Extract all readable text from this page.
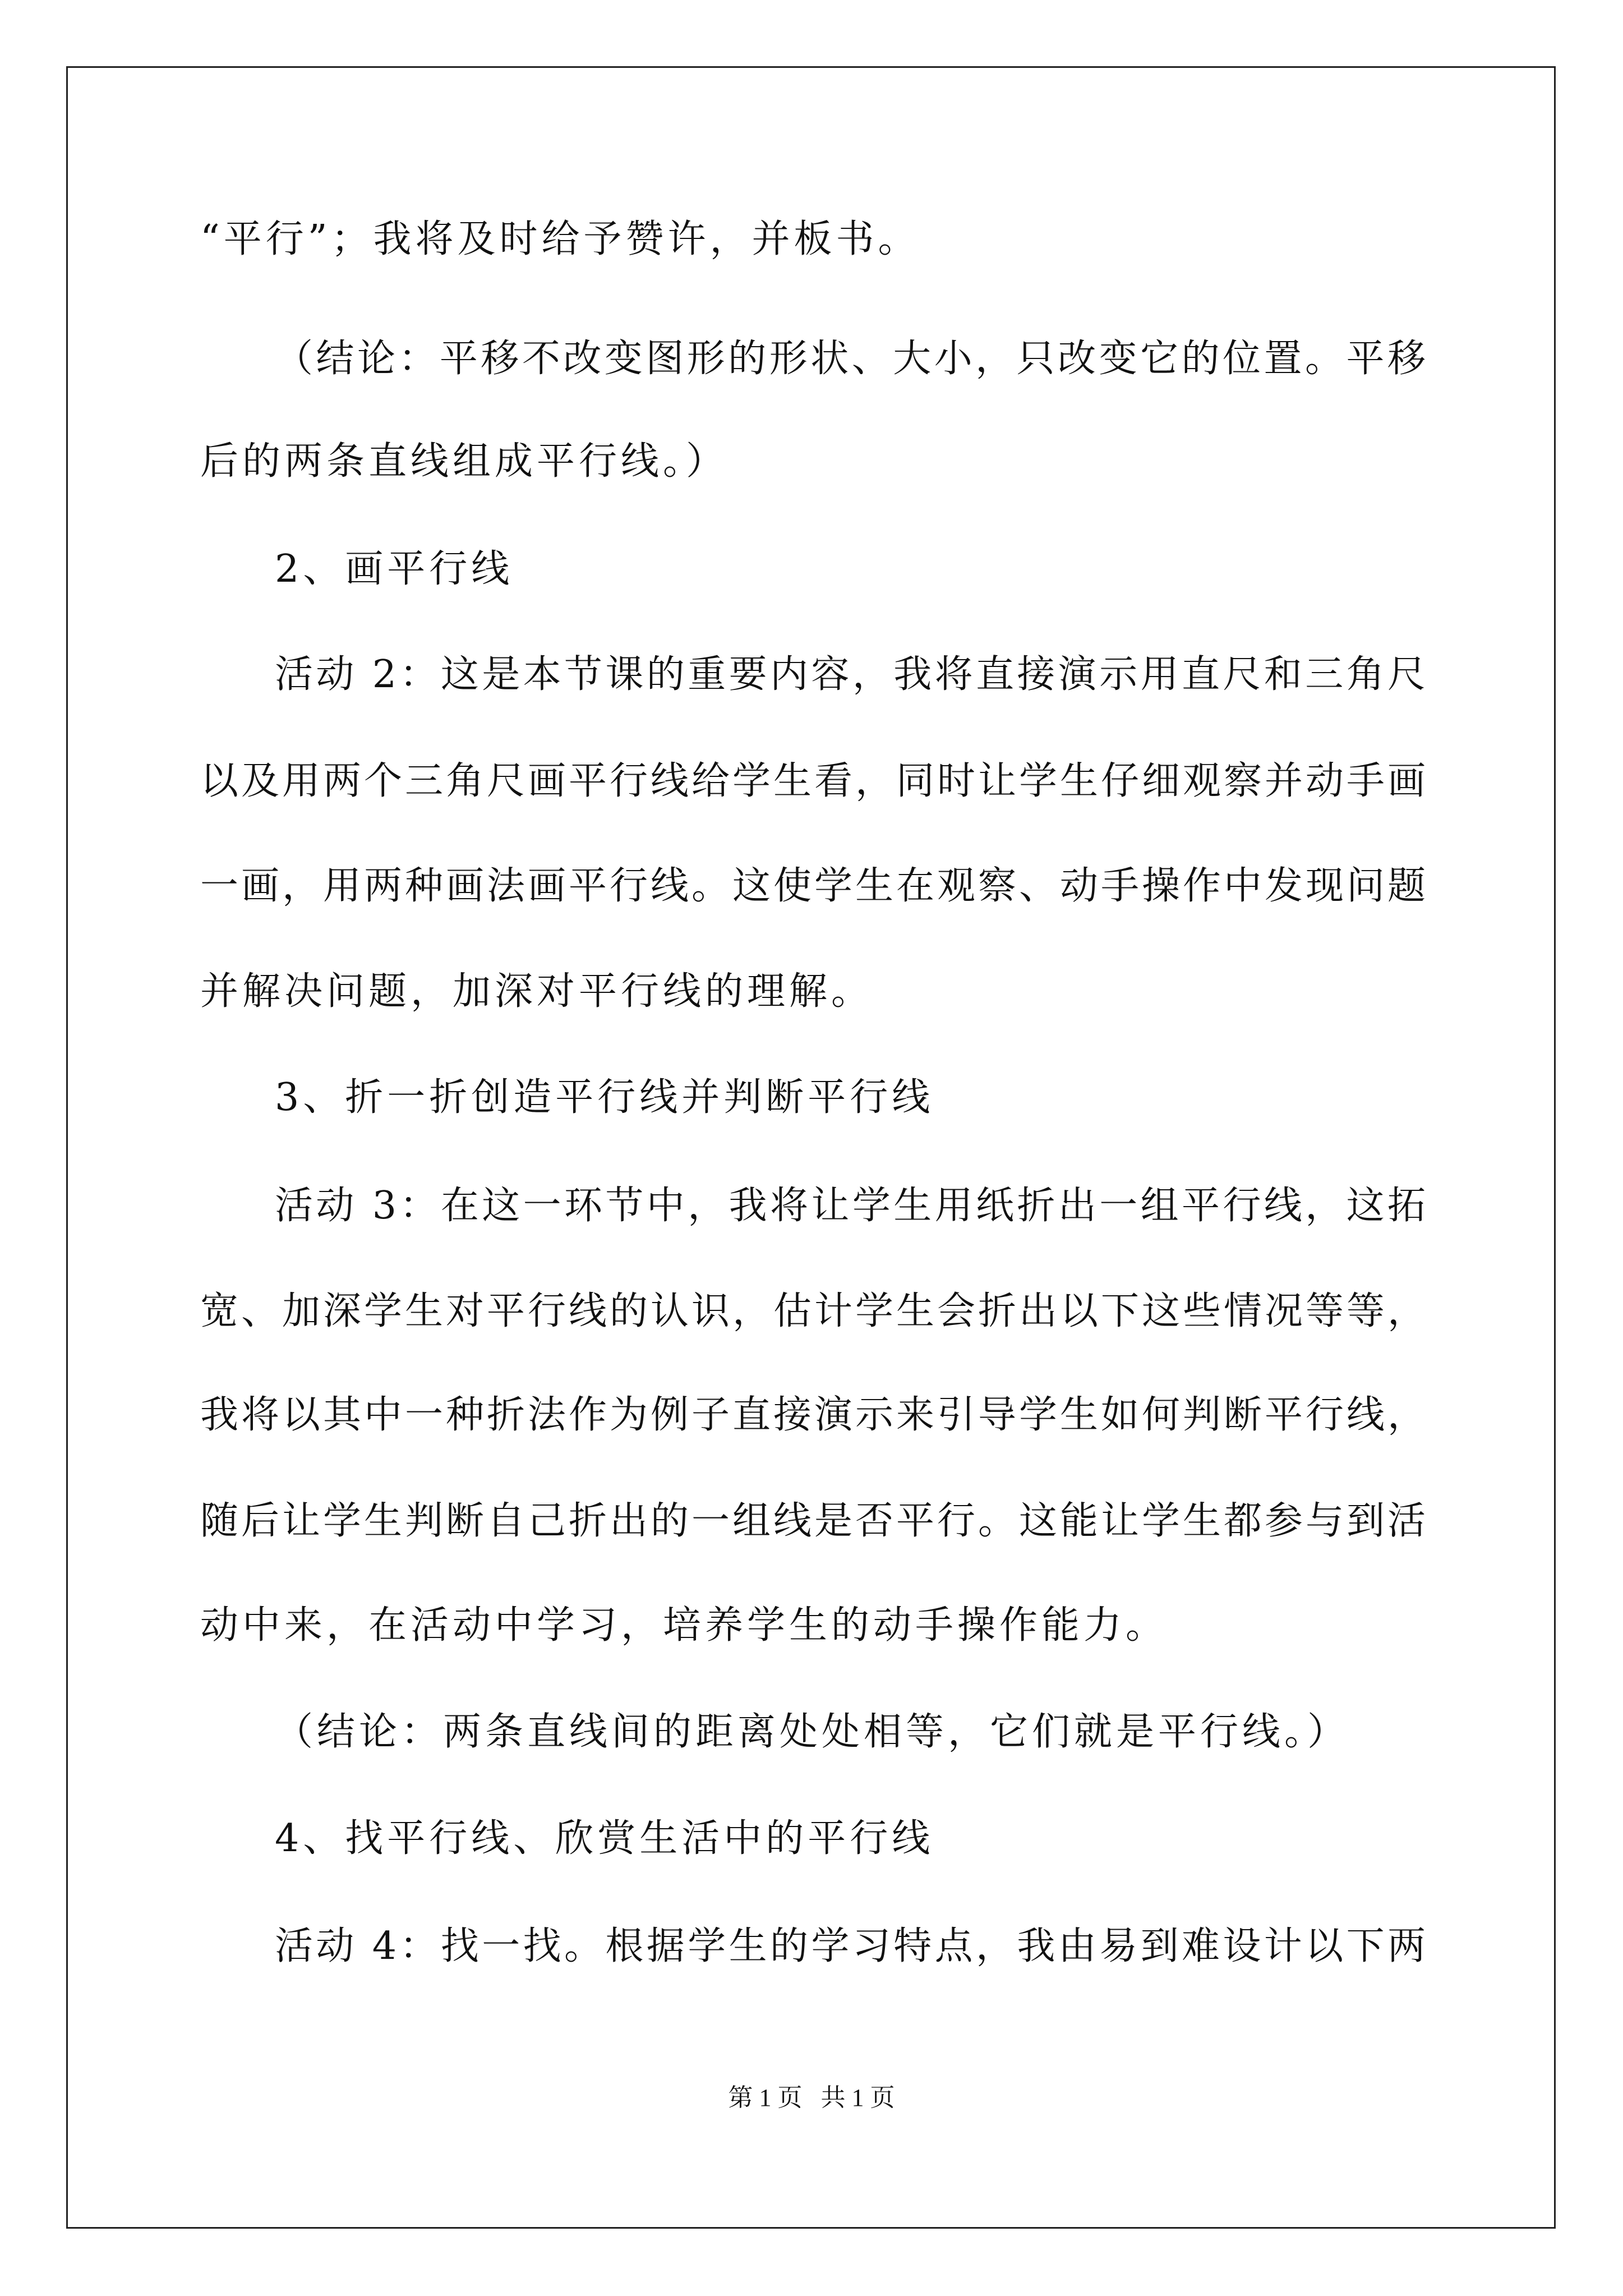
“平行”；我将及时给予赞许，并板书。
（结论：平移不改变图形的形状、大小，只改变它的位置。平移
后的两条直线组成平行线。）
2、画平行线
活动 2：这是本节课的重要内容，我将直接演示用直尺和三角尺
以及用两个三角尺画平行线给学生看，同时让学生仔细观察并动手画
一画，用两种画法画平行线。这使学生在观察、动手操作中发现问题
并解决问题，加深对平行线的理解。
3、折一折创造平行线并判断平行线
活动 3：在这一环节中，我将让学生用纸折出一组平行线，这拓
宽、加深学生对平行线的认识，估计学生会折出以下这些情况等等，
我将以其中一种折法作为例子直接演示来引导学生如何判断平行线，
随后让学生判断自己折出的一组线是否平行。这能让学生都参与到活
动中来，在活动中学习，培养学生的动手操作能力。
（结论：两条直线间的距离处处相等，它们就是平行线。）
4、找平行线、欣赏生活中的平行线
活动 4：找一找。根据学生的学习特点，我由易到难设计以下两
第 1 页   共 1 页
